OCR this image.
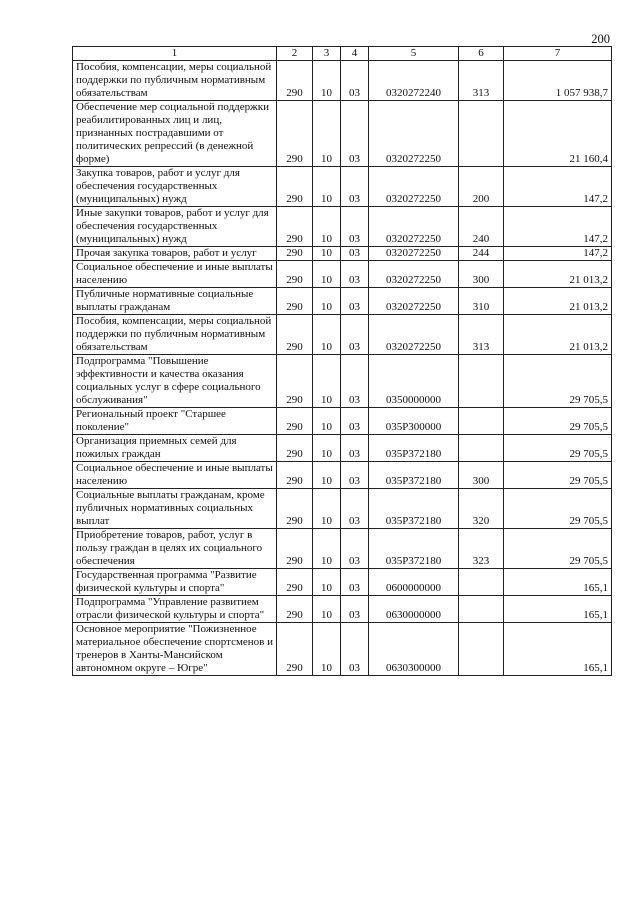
200
1	2	3	4	5	6	7
Пособия, компенсации, меры социальной поддержки по публичным нормативным обязательствам	290	10	03	0320272240	313	1 057 938,7
Обеспечение мер социальной поддержки реабилитированных лиц и лиц, признанных пострадавшими от политических репрессий (в денежной форме)	290	10	03	0320272250		21 160,4
Закупка товаров, работ и услуг для обеспечения государственных (муниципальных) нужд	290	10	03	0320272250	200	147,2
Иные закупки товаров, работ и услуг для обеспечения государственных (муниципальных) нужд	290	10	03	0320272250	240	147,2
Прочая закупка товаров, работ и услуг	290	10	03	0320272250	244	147,2
Социальное обеспечение и иные выплаты населению	290	10	03	0320272250	300	21 013,2
Публичные нормативные социальные выплаты гражданам	290	10	03	0320272250	310	21 013,2
Пособия, компенсации, меры социальной поддержки по публичным нормативным обязательствам	290	10	03	0320272250	313	21 013,2
Подпрограмма "Повышение эффективности и качества оказания социальных услуг в сфере социального обслуживания"	290	10	03	0350000000		29 705,5
Региональный проект "Старшее поколение"	290	10	03	035P300000		29 705,5
Организация приемных семей для пожилых граждан	290	10	03	035P372180		29 705,5
Социальное обеспечение и иные выплаты населению	290	10	03	035P372180	300	29 705,5
Социальные выплаты гражданам, кроме публичных нормативных социальных выплат	290	10	03	035P372180	320	29 705,5
Приобретение товаров, работ, услуг в пользу граждан в целях их социального обеспечения	290	10	03	035P372180	323	29 705,5
Государственная программа "Развитие физической культуры и спорта"	290	10	03	0600000000		165,1
Подпрограмма "Управление развитием отрасли физической культуры и спорта"	290	10	03	0630000000		165,1
Основное мероприятие "Пожизненное материальное обеспечение спортсменов и тренеров в Ханты-Мансийском автономном округе – Югре"	290	10	03	0630300000		165,1
